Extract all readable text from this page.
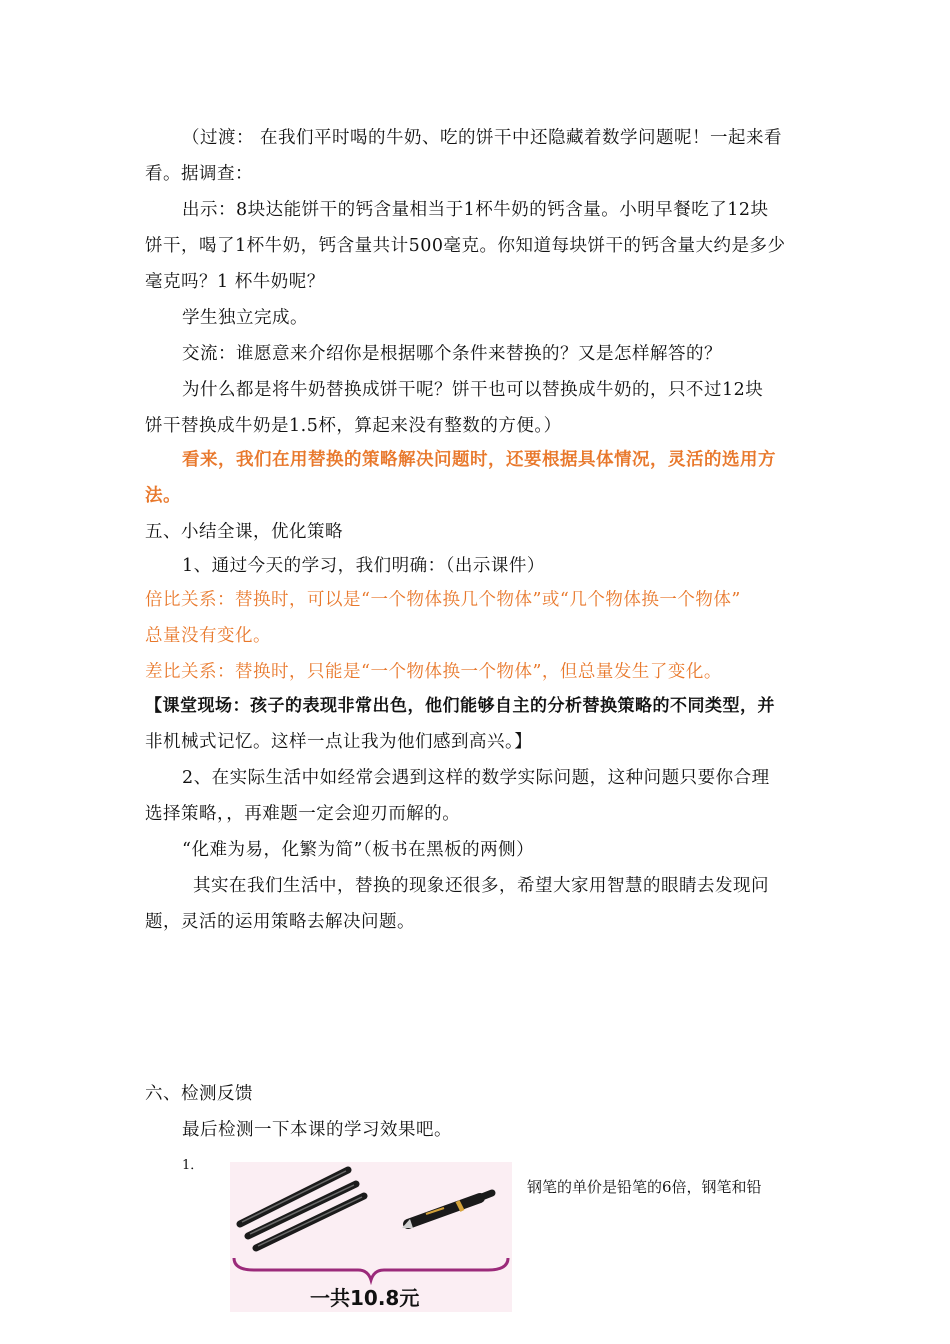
（过渡： 在我们平时喝的牛奶、吃的饼干中还隐藏着数学问题呢！一起来看
看。据调查：
出示：8块达能饼干的钙含量相当于1杯牛奶的钙含量。小明早餐吃了12块
饼干，喝了1杯牛奶，钙含量共计500毫克。你知道每块饼干的钙含量大约是多少
毫克吗？1 杯牛奶呢？
学生独立完成。
交流：谁愿意来介绍你是根据哪个条件来替换的？又是怎样解答的？
为什么都是将牛奶替换成饼干呢？饼干也可以替换成牛奶的，只不过12块
饼干替换成牛奶是1.5杯，算起来没有整数的方便。）
看来，我们在用替换的策略解决问题时，还要根据具体情况，灵活的选用方
法。
五、小结全课，优化策略
1、通过今天的学习，我们明确：（出示课件）
倍比关系：替换时，可以是“一个物体换几个物体”或“几个物体换一个物体”
总量没有变化。
差比关系：替换时，只能是“一个物体换一个物体”，但总量发生了变化。
【课堂现场：孩子的表现非常出色，他们能够自主的分析替换策略的不同类型，并
非机械式记忆。这样一点让我为他们感到高兴。】
2、在实际生活中如经常会遇到这样的数学实际问题，这种问题只要你合理
选择策略，，再难题一定会迎刃而解的。
“化难为易，化繁为简”（板书在黑板的两侧）
其实在我们生活中，替换的现象还很多，希望大家用智慧的眼睛去发现问
题，灵活的运用策略去解决问题。
六、检测反馈
最后检测一下本课的学习效果吧。
1．
一共10.8元
钢笔的单价是铅笔的6倍，钢笔和铅
